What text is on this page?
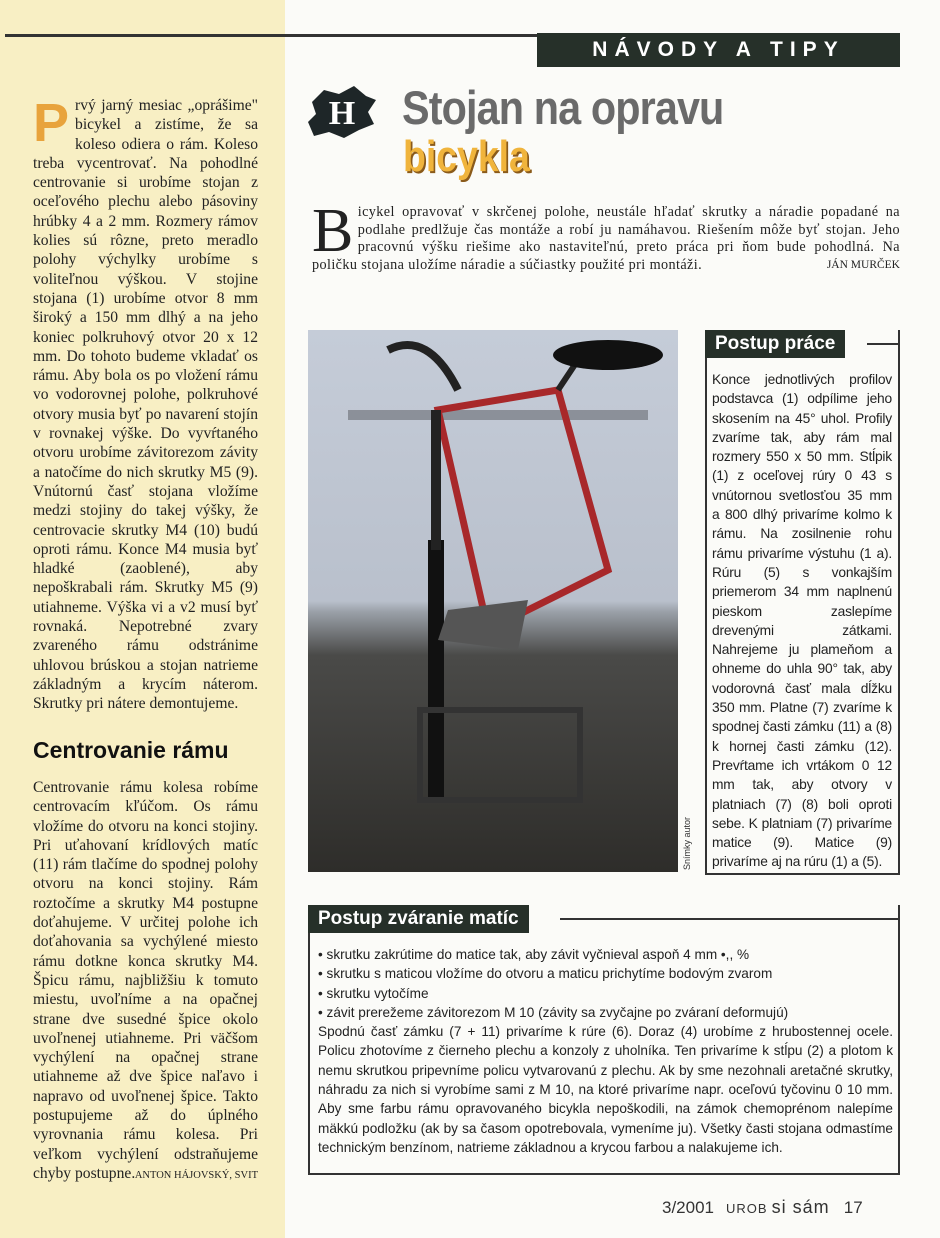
NÁVODY A TIPY
Prvý jarný mesiac „oprášime" bicykel a zistíme, že sa koleso odiera o rám. Koleso treba vycentrovať. Na pohodlné centrovanie si urobíme stojan z oceľového plechu alebo pásoviny hrúbky 4 a 2 mm. Rozmery rámov kolies sú rôzne, preto meradlo polohy výchylky urobíme s voliteľnou výškou. V stojine stojana (1) urobíme otvor 8 mm široký a 150 mm dlhý a na jeho koniec polkruhový otvor 20 x 12 mm. Do tohoto budeme vkladať os rámu. Aby bola os po vložení rámu vo vodorovnej polohe, polkruhové otvory musia byť po navarení stojín v rovnakej výške. Do vyvŕtaného otvoru urobíme závitorezom závity a natočíme do nich skrutky M5 (9). Vnútornú časť stojana vložíme medzi stojiny do takej výšky, že centrovacie skrutky M4 (10) budú oproti rámu. Konce M4 musia byť hladké (zaoblené), aby nepoškrabali rám. Skrutky M5 (9) utiahneme. Výška vi a v2 musí byť rovnaká. Nepotrebné zvary zvareného rámu odstránime uhlovou brúskou a stojan natrieme základným a krycím náterom. Skrutky pri nátere demontujeme.
Centrovanie rámu
Centrovanie rámu kolesa robíme centrovacím kľúčom. Os rámu vložíme do otvoru na konci stojiny. Pri uťahovaní krídlových matíc (11) rám tlačíme do spodnej polohy otvoru na konci stojiny. Rám roztočíme a skrutky M4 postupne doťahujeme. V určitej polohe ich doťahovania sa vychýlené miesto rámu dotkne konca skrutky M4. Špicu rámu, najbližšiu k tomuto miestu, uvoľníme a na opačnej strane dve susedné špice okolo uvoľnenej utiahneme. Pri väčšom vychýlení na opačnej strane utiahneme až dve špice naľavo i napravo od uvoľnenej špice. Takto postupujeme až do úplného vyrovnania rámu kolesa. Pri veľkom vychýlení odstraňujeme chyby postupne. ANTON HÁJOVSKÝ, SVIT
H Stojan na opravu
bicykla
Bicykel opravovať v skrčenej polohe, neustále hľadať skrutky a náradie popadané na podlahe predlžuje čas montáže a robí ju namáhavou. Riešením môže byť stojan. Jeho pracovnú výšku riešime ako nastaviteľnú, preto práca pri ňom bude pohodlná. Na poličku stojana uložíme náradie a súčiastky použité pri montáži.	JÁN MURČEK
Snímky autor
Postup práce
Konce jednotlivých profilov podstavca (1) odpílime jeho skosením na 45° uhol. Profily zvaríme tak, aby rám mal rozmery 550 x 50 mm. Stĺpik (1) z oceľovej rúry 0 43 s vnútornou svetlosťou 35 mm a 800 dlhý privaríme kolmo k rámu. Na zosilnenie rohu rámu privaríme výstuhu (1 a). Rúru (5) s vonkajším priemerom 34 mm naplnenú pieskom zaslepíme drevenými zátkami. Nahrejeme ju plameňom a ohneme do uhla 90° tak, aby vodorovná časť mala dĺžku 350 mm. Platne (7) zvaríme k spodnej časti zámku (11) a (8) k hornej časti zámku (12). Prevŕtame ich vrtákom 0 12 mm tak, aby otvory v platniach (7) (8) boli oproti sebe. K platniam (7) privaríme matice (9). Matice (9) privaríme aj na rúru (1) a (5).
Postup zváranie matíc
• skrutku zakrútime do matice tak, aby závit vyčnieval aspoň 4 mm •,, %
• skrutku s maticou vložíme do otvoru a maticu prichytíme bodovým zvarom
• skrutku vytočíme
• závit prerežeme závitorezom M 10 (závity sa zvyčajne po zváraní deformujú)
Spodnú časť zámku (7 + 11) privaríme k rúre (6). Doraz (4) urobíme z hrubostennej ocele. Policu zhotovíme z čierneho plechu a konzoly z uholníka. Ten privaríme k stĺpu (2) a plotom k nemu skrutkou pripevníme policu vytvarovanú z plechu. Ak by sme nezohnali aretačné skrutky, náhradu za nich si vyrobíme sami z M 10, na ktoré privaríme napr. oceľovú tyčovinu 0 10 mm. Aby sme farbu rámu opravovaného bicykla nepoškodili, na zámok chemoprénom nalepíme mäkkú podložku (ak by sa časom opotrebovala, vymeníme ju). Všetky časti stojana odmastíme technickým benzínom, natrieme základnou a krycou farbou a nalakujeme ich.
3/2001 UROB si sám 17
